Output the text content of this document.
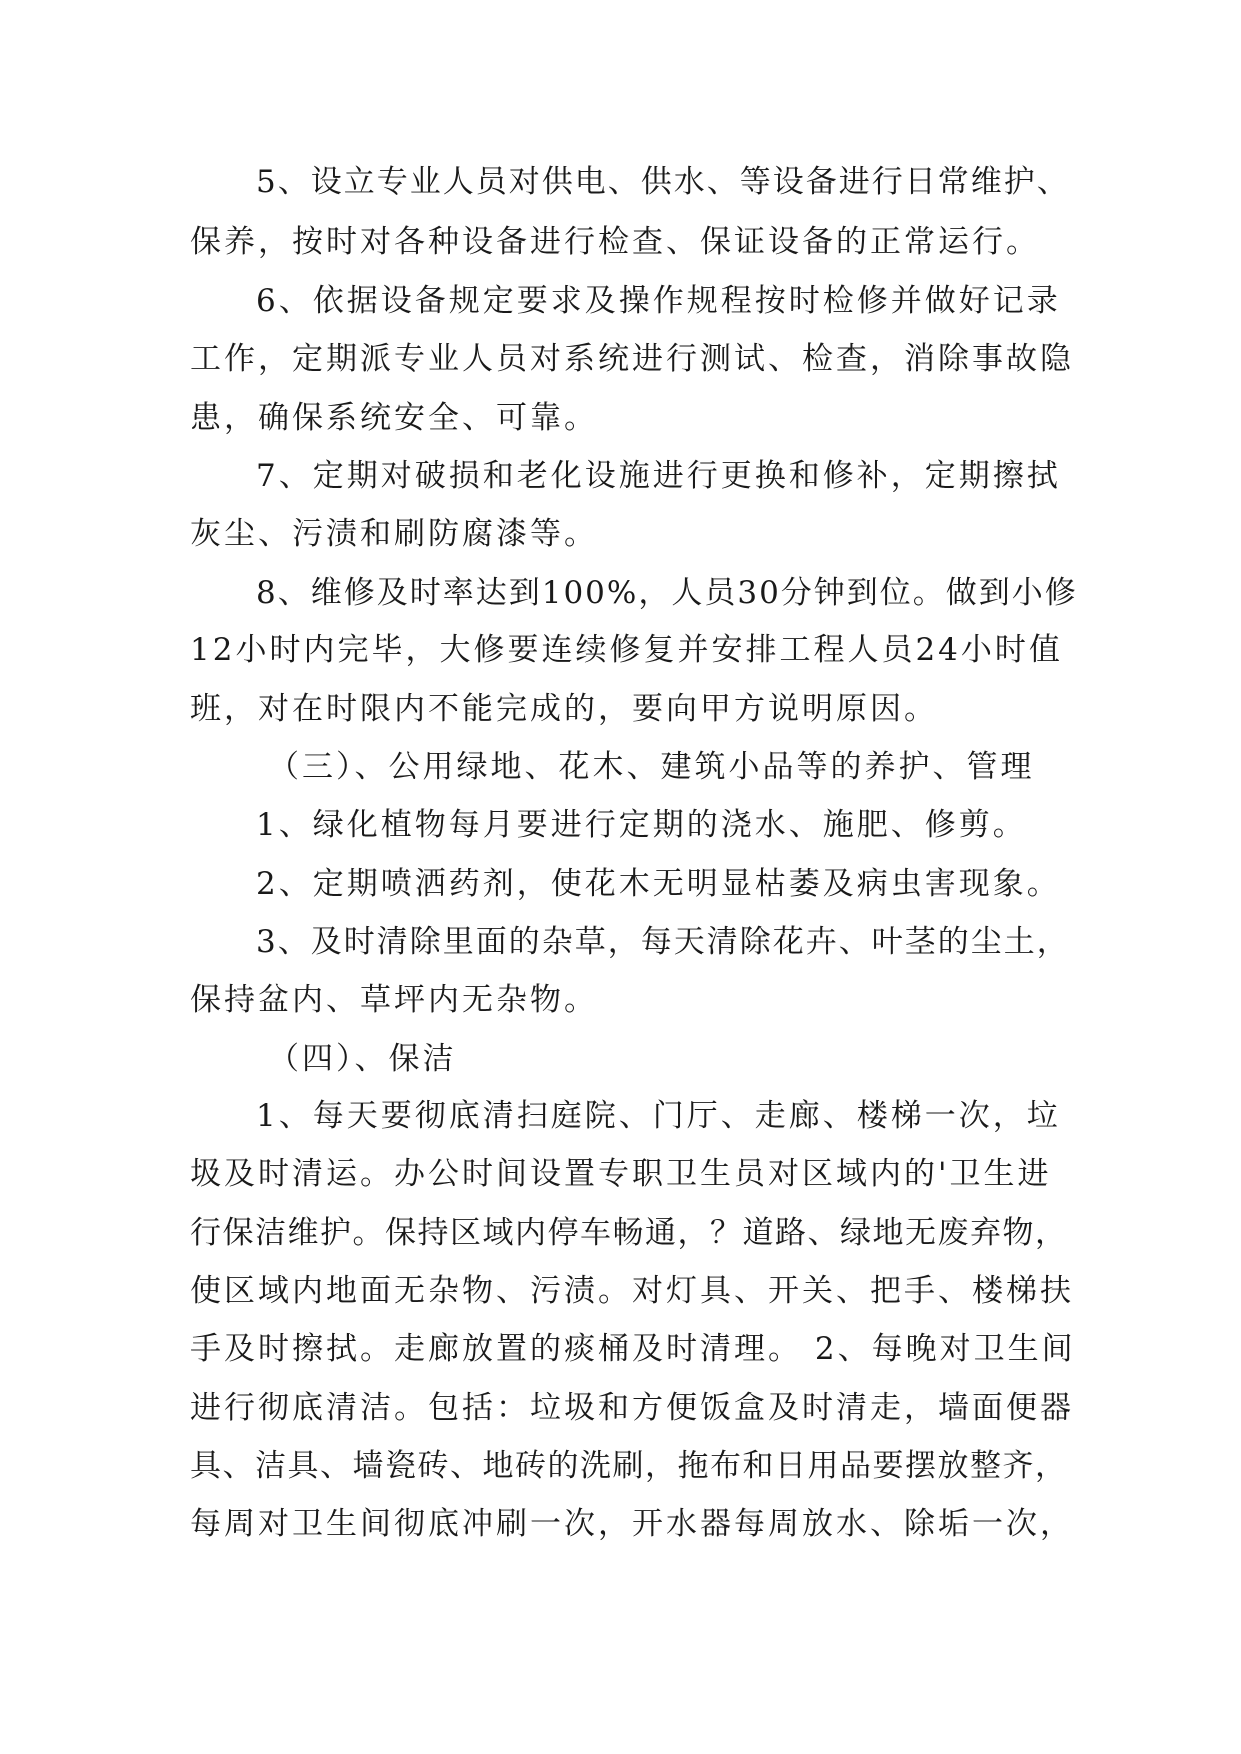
5、设立专业人员对供电、供水、等设备进行日常维护、
保养，按时对各种设备进行检查、保证设备的正常运行。
6、依据设备规定要求及操作规程按时检修并做好记录
工作，定期派专业人员对系统进行测试、检查，消除事故隐
患，确保系统安全、可靠。
7、定期对破损和老化设施进行更换和修补，定期擦拭
灰尘、污渍和刷防腐漆等。
8、维修及时率达到100%，人员30分钟到位。做到小修
12小时内完毕，大修要连续修复并安排工程人员24小时值
班，对在时限内不能完成的，要向甲方说明原因。
（三）、公用绿地、花木、建筑小品等的养护、管理
1、绿化植物每月要进行定期的浇水、施肥、修剪。
2、定期喷洒药剂，使花木无明显枯萎及病虫害现象。
3、及时清除里面的杂草，每天清除花卉、叶茎的尘土，
保持盆内、草坪内无杂物。
（四）、保洁
1、每天要彻底清扫庭院、门厅、走廊、楼梯一次，垃
圾及时清运。办公时间设置专职卫生员对区域内的'卫生进
行保洁维护。保持区域内停车畅通，？道路、绿地无废弃物，
使区域内地面无杂物、污渍。对灯具、开关、把手、楼梯扶
手及时擦拭。走廊放置的痰桶及时清理。 2、每晚对卫生间
进行彻底清洁。包括：垃圾和方便饭盒及时清走，墙面便器
具、洁具、墙瓷砖、地砖的洗刷，拖布和日用品要摆放整齐，
每周对卫生间彻底冲刷一次，开水器每周放水、除垢一次，
